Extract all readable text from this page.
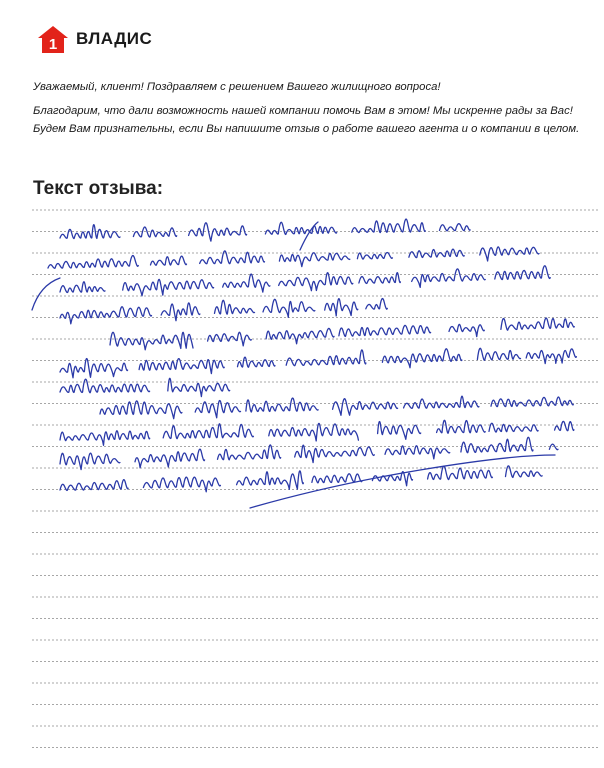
1 ВЛАДИС

Уважаемый, клиент! Поздравляем с решением Вашего жилищного вопроса!

Благодарим, что дали возможность нашей компании помочь Вам в этом! Мы искренне рады за Вас! Будем Вам признательны, если Вы напишите отзыв о работе вашего агента и о компании в целом.

Текст отзыва:
